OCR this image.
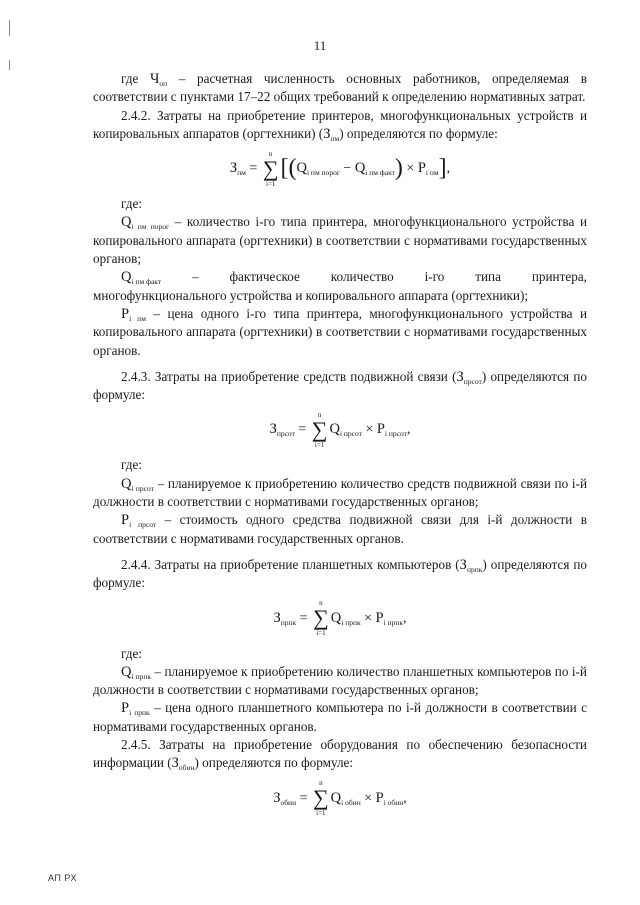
11

где $Ч_{оп}$ – расчетная численность основных работников, определяемая в соответствии с пунктами 17–22 общих требований к определению нормативных затрат.

2.4.2. Затраты на приобретение принтеров, многофункциональных устройств и копировальных аппаратов (оргтехники) $(З_{пм})$ определяются по формуле:

$З_{пм}$ =
n
∑
i=1
$[(Q_{i пм порог} - Q_{i пм факт}) \times P_{i пм}]$,

где:

$Q_{i пм порог}$ – количество i-го типа принтера, многофункционального устройства и копировального аппарата (оргтехники) в соответствии с нормативами государственных органов;

$Q_{i пм факт}$ – фактическое количество i-го типа принтера,

многофункционального устройства и копировального аппарата (оргтехники);

$P_{i пм}$ – цена одного i-го типа принтера, многофункционального устройства и копировального аппарата (оргтехники) в соответствии с нормативами государственных органов.

2.4.3. Затраты на приобретение средств подвижной связи $(З_{прсот})$ определяются по формуле:

$З_{прсот}$ =
n
∑
i=1
$Q_{i прсот} \times P_{i прсот}$,

где:

$Q_{i прсот}$ – планируемое к приобретению количество средств подвижной связи по i-й должности в соответствии с нормативами государственных органов;

$P_{i прсот}$ – стоимость одного средства подвижной связи для i-й должности в соответствии с нормативами государственных органов.

2.4.4. Затраты на приобретение планшетных компьютеров $(З_{прпк})$ определяются по формуле:

$З_{прпк}$ =
n
∑
i=1
$Q_{i прпк} \times P_{i прпк}$,

где:

$Q_{i прпк}$ – планируемое к приобретению количество планшетных компьютеров по i-й должности в соответствии с нормативами государственных органов;

$P_{i прпк}$ – цена одного планшетного компьютера по i-й должности в соответствии с нормативами государственных органов.

2.4.5. Затраты на приобретение оборудования по обеспечению безопасности информации $(З_{обин})$ определяются по формуле:

$З_{обин}$ =
n
∑
i=1
$Q_{i обин} \times P_{i обин}$,
АП РХ
